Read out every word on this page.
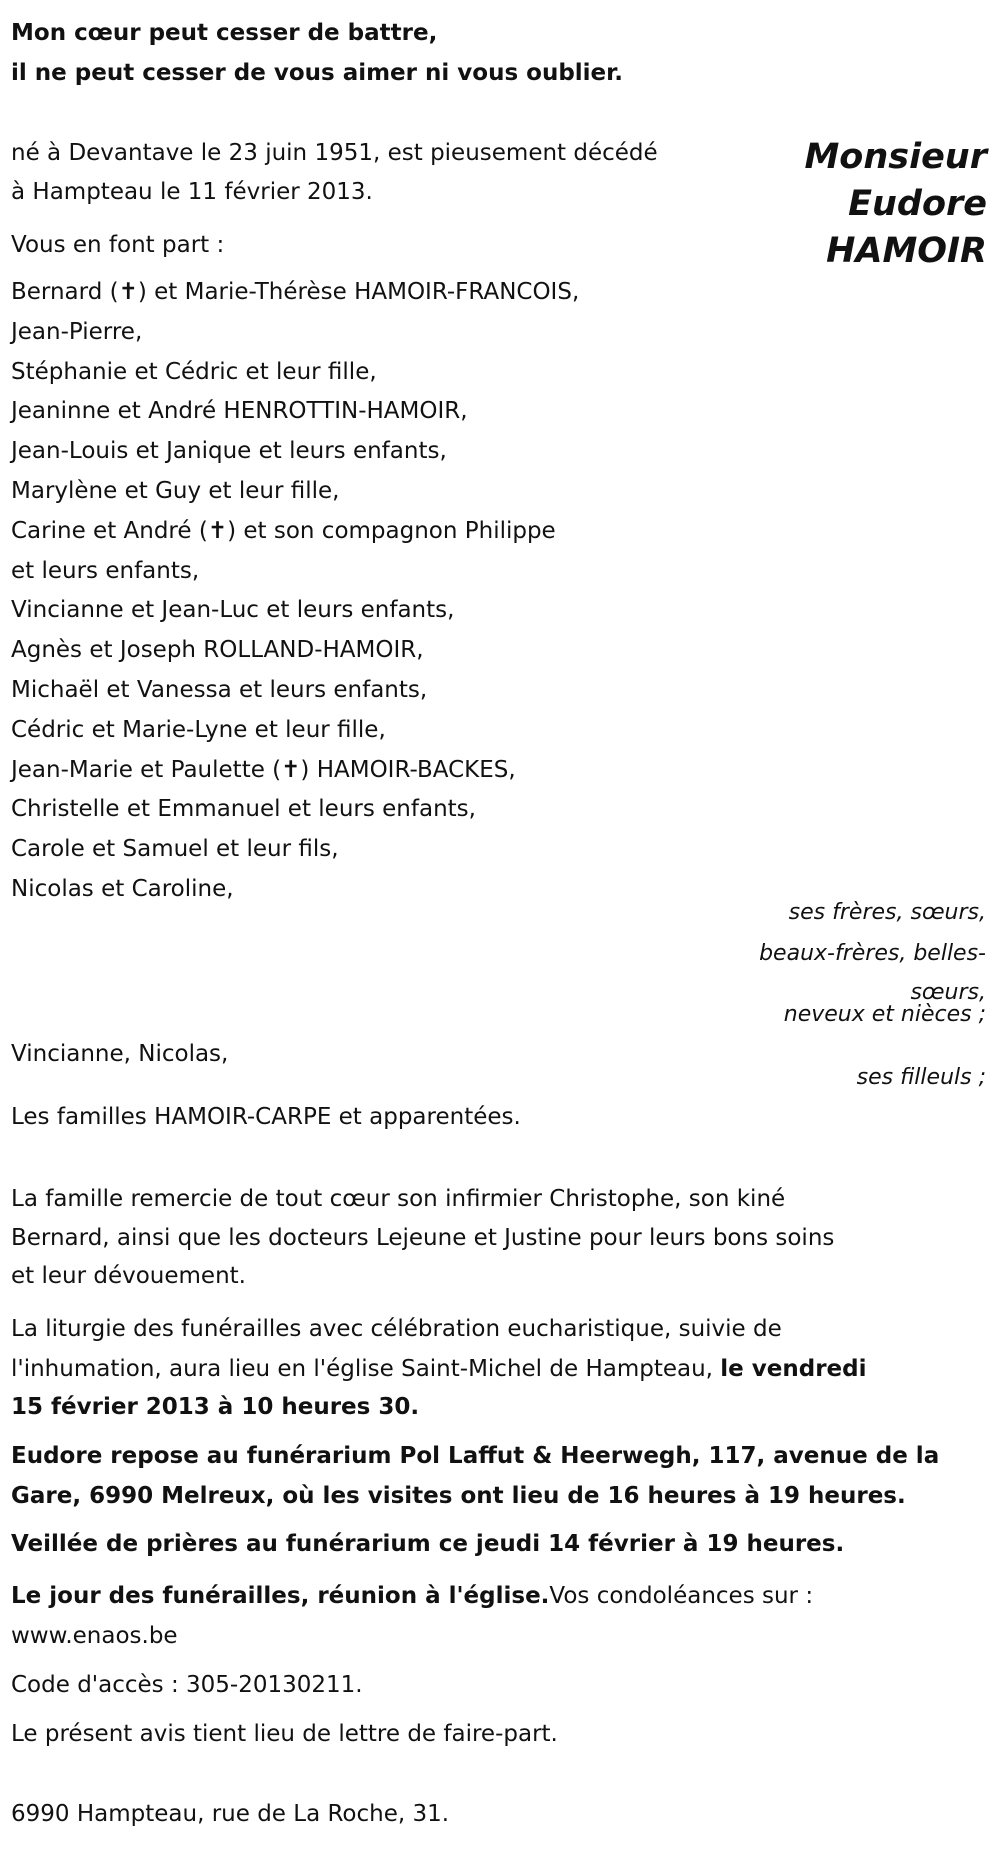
Mon cœur peut cesser de battre,
il ne peut cesser de vous aimer ni vous oublier.
Monsieur
Eudore
HAMOIR
né à Devantave le 23 juin 1951, est pieusement décédé
à Hampteau le 11 février 2013.
Vous en font part :
Bernard (✝) et Marie-Thérèse HAMOIR-FRANCOIS,
Jean-Pierre,
Stéphanie et Cédric et leur fille,
Jeaninne et André HENROTTIN-HAMOIR,
Jean-Louis et Janique et leurs enfants,
Marylène et Guy et leur fille,
Carine et André (✝) et son compagnon Philippe
et leurs enfants,
Vincianne et Jean-Luc et leurs enfants,
Agnès et Joseph ROLLAND-HAMOIR,
Michaël et Vanessa et leurs enfants,
Cédric et Marie-Lyne et leur fille,
Jean-Marie et Paulette (✝) HAMOIR-BACKES,
Christelle et Emmanuel et leurs enfants,
Carole et Samuel et leur fils,
Nicolas et Caroline,
ses frères, sœurs,
beaux-frères, belles-
sœurs,
neveux et nièces ;
Vincianne, Nicolas,
ses filleuls ;
Les familles HAMOIR-CARPE et apparentées.
La famille remercie de tout cœur son infirmier Christophe, son kiné
Bernard, ainsi que les docteurs Lejeune et Justine pour leurs bons soins
et leur dévouement.
La liturgie des funérailles avec célébration eucharistique, suivie de
l'inhumation, aura lieu en l'église Saint-Michel de Hampteau, le vendredi
15 février 2013 à 10 heures 30.
Eudore repose au funérarium Pol Laffut & Heerwegh, 117, avenue de la
Gare, 6990 Melreux, où les visites ont lieu de 16 heures à 19 heures.
Veillée de prières au funérarium ce jeudi 14 février à 19 heures.
Le jour des funérailles, réunion à l'église.Vos condoléances sur :
www.enaos.be
Code d'accès : 305-20130211.
Le présent avis tient lieu de lettre de faire-part.
6990 Hampteau, rue de La Roche, 31.
